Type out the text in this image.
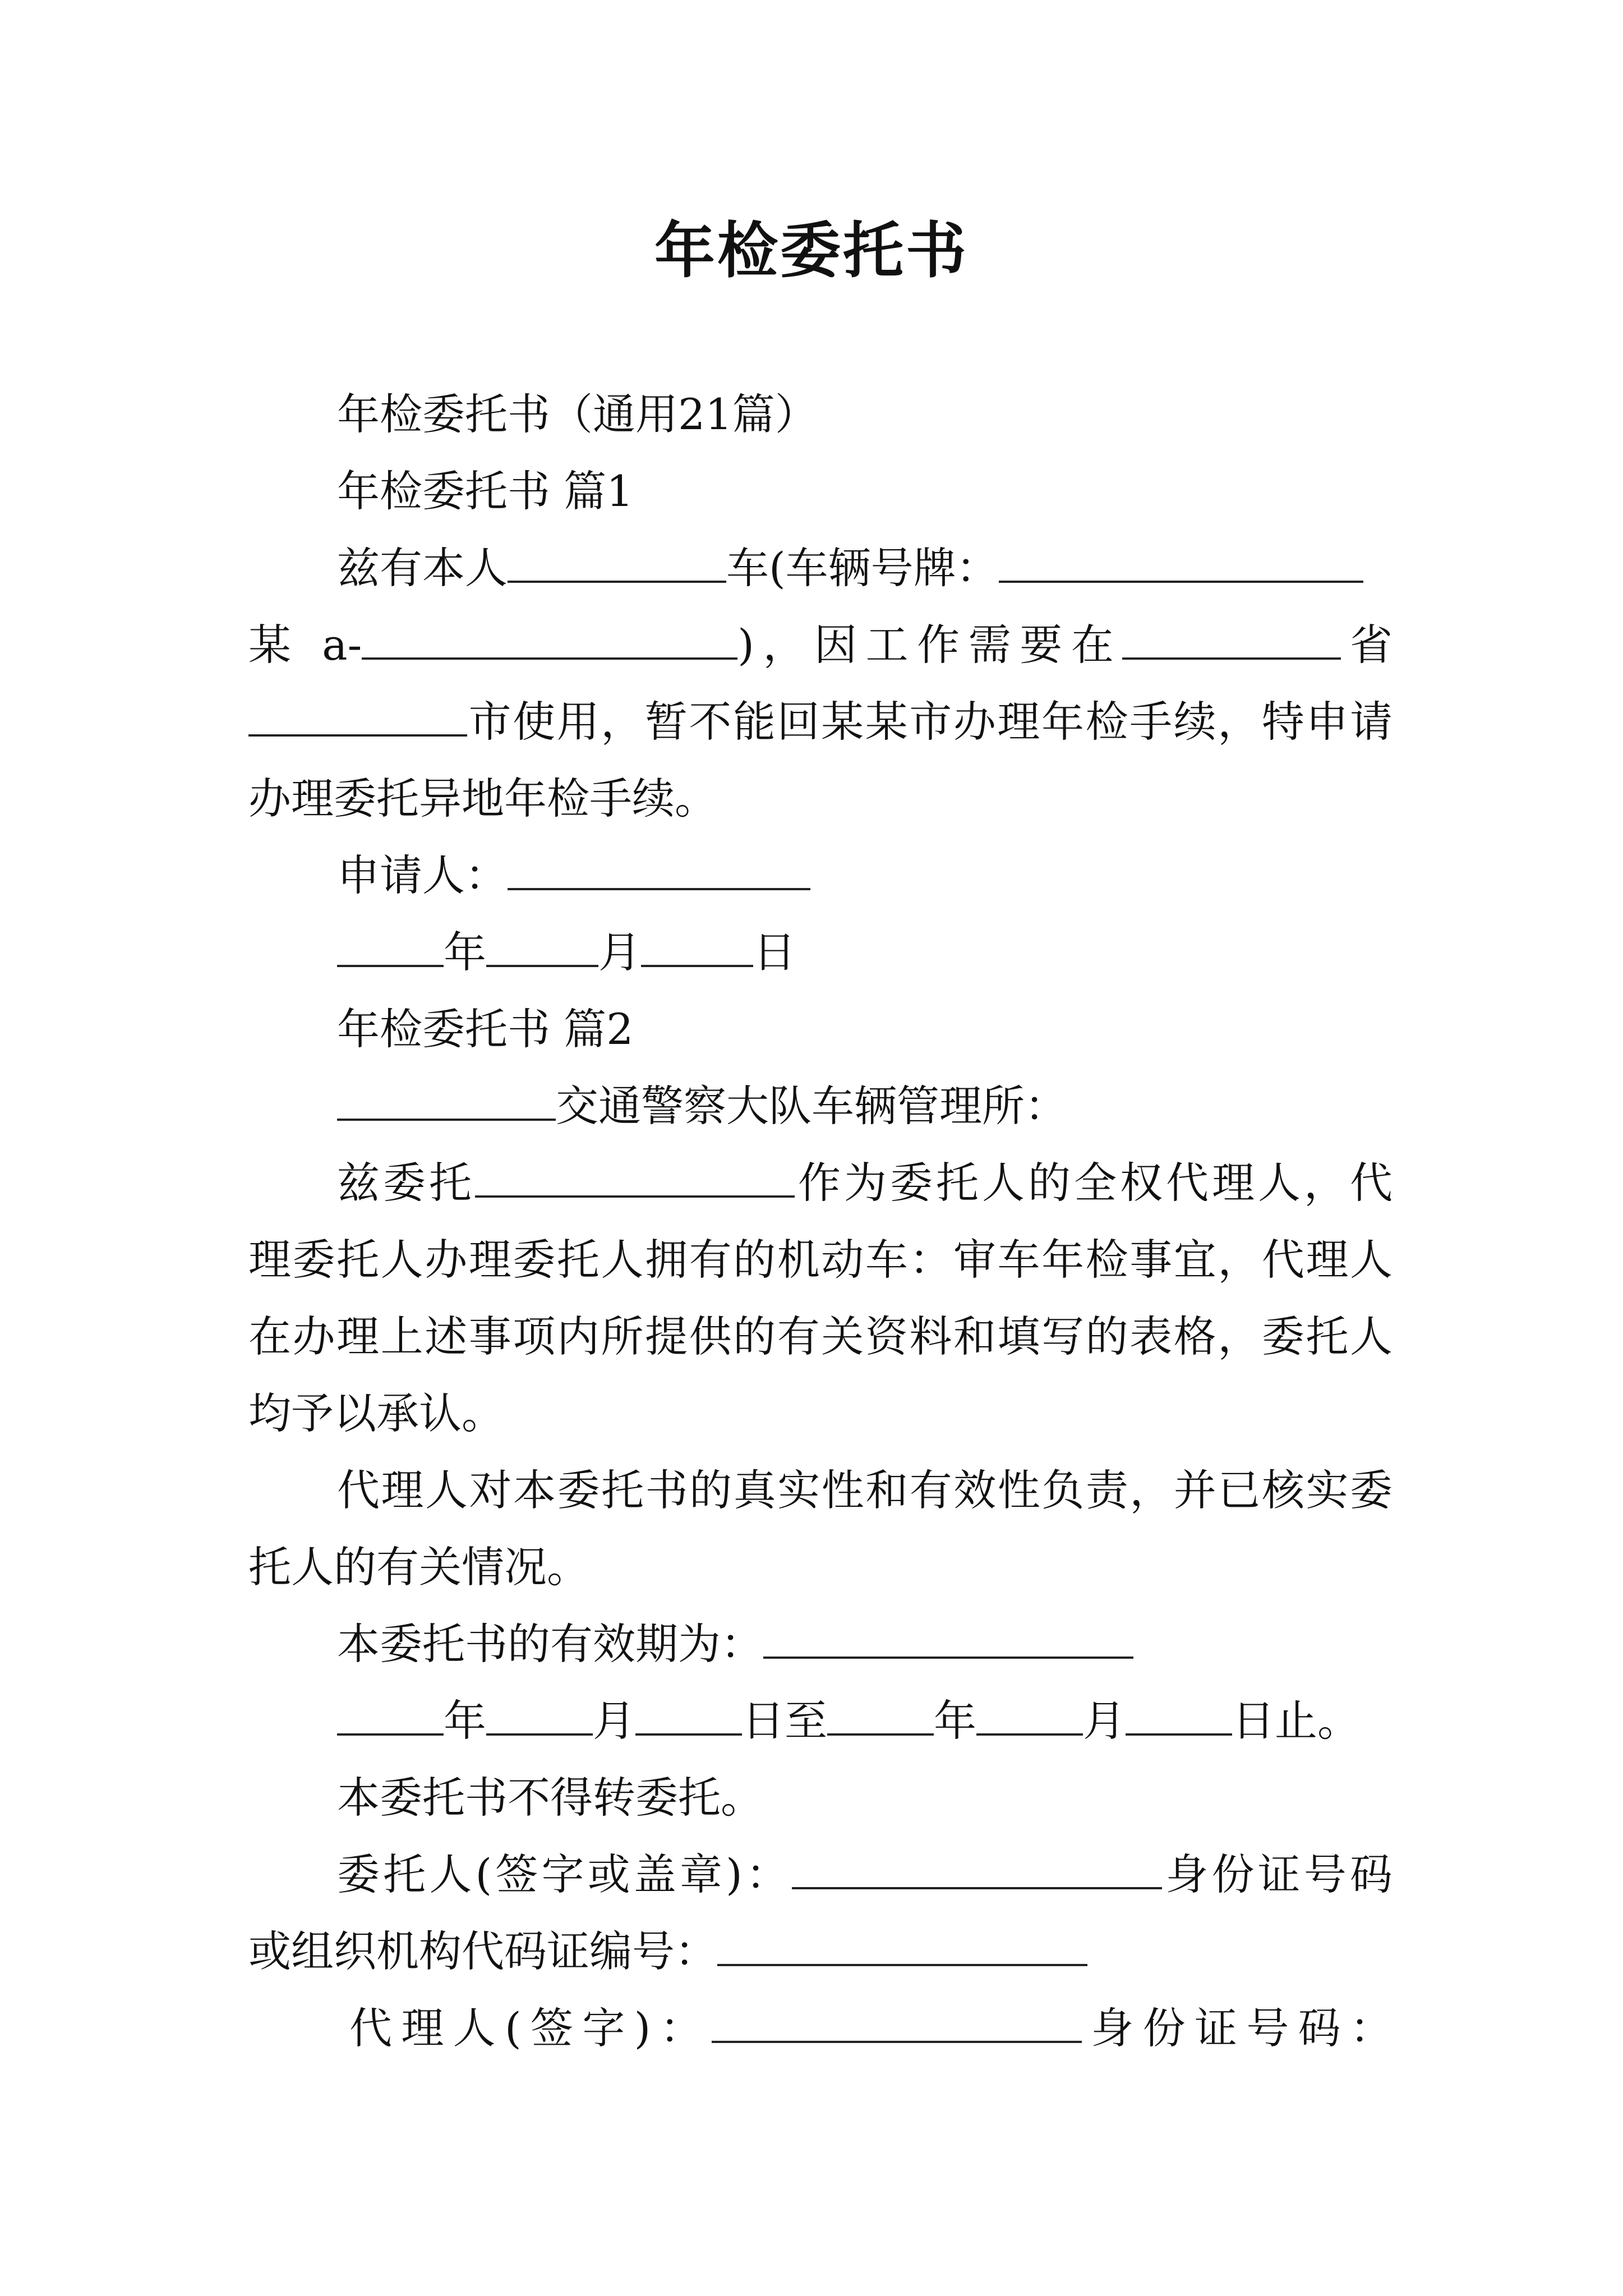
年检委托书
年检委托书（通用21篇）
年检委托书 篇1
兹有本人	车(车辆号牌：
某 a-	)，因工作需要在	省
市使用，暂不能回某某市办理年检手续，特申请
办理委托异地年检手续。
申请人：
年	月	日
年检委托书 篇2
交通警察大队车辆管理所：
兹委托	作为委托人的全权代理人，代
理委托人办理委托人拥有的机动车：审车年检事宜，代理人
在办理上述事项内所提供的有关资料和填写的表格，委托人
均予以承认。
代理人对本委托书的真实性和有效性负责，并已核实委
托人的有关情况。
本委托书的有效期为：
年	月	日至	年	月	日止。
本委托书不得转委托。
委托人(签字或盖章)：	身份证号码
或组织机构代码证编号：
代理人(签字)：	身份证号码：
